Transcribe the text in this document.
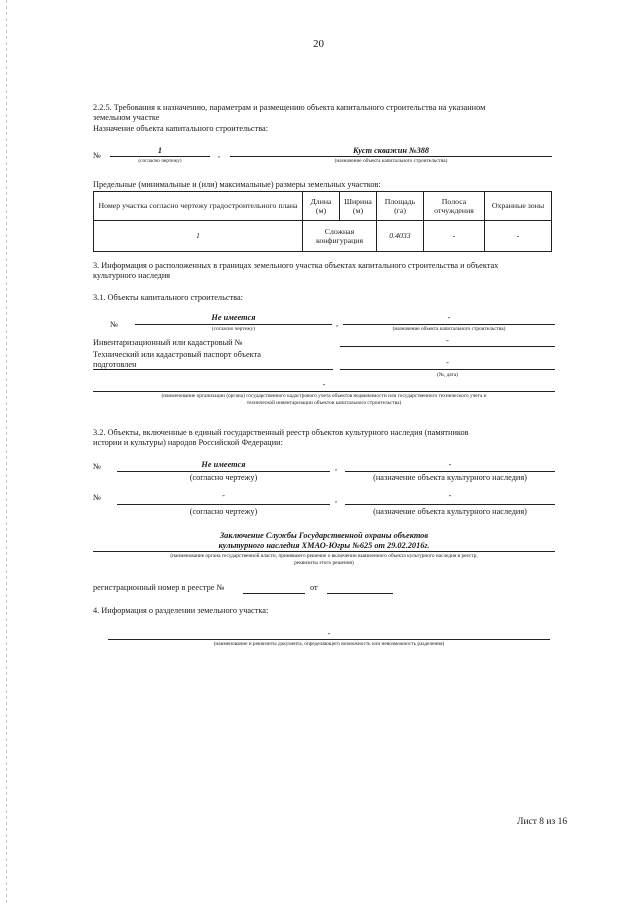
20
2.2.5. Требования к назначению, параметрам и размещению объекта капитального строительства на указанном
земельном участке
Назначение объекта капитального строительства:
№
1
(согласно чертежу)
,	Куст скважин №388
(назначение объекта капитального строительства)
Предельные (минимальные и (или) максимальные) размеры земельных участков:
Номер участка согласно чертежу градостроительного плана	Длина (м)	Ширина (м)	Площадь (га)	Полоса отчуждения	Охранные зоны
1	Сложная конфигурация		0.4033	-	-
3. Информация о расположенных в границах земельного участка объектах капитального строительства и объектах
культурного наследия
3.1. Объекты капитального строительства:
№
Не имеется
(согласно чертежу)
,
-
(назначение объекта капитального строительства)
Инвентаризационный или кадастровый №	-
Технический или кадастровый паспорт объекта
подготовлен	-
(№, дата)
-
(наименование организации (органа) государственного кадастрового учета объектов недвижимости или государственного технического учета и
технической инвентаризации объектов капитального строительства)
3.2. Объекты, включенные в единый государственный реестр объектов культурного наследия (памятников
истории и культуры) народов Российской Федерации:
№	Не имеется
(согласно чертежу)
,	-
(назначение объекта культурного наследия)
№	-
(согласно чертежу)
,	-
(назначение объекта культурного наследия)
Заключение Службы Государственной охраны объектов
культурного наследия ХМАО-Югры №625 от 29.02.2016г.
(наименование органа государственной власти, принявшего решение о включении выявленного объекта культурного наследия в реестр,
реквизиты этого решения)
регистрационный номер в реестре №	от
4. Информация о разделении земельного участка:
-
(наименование и реквизиты документа, определяющего возможность или невозможность разделения)
Лист 8 из 16
